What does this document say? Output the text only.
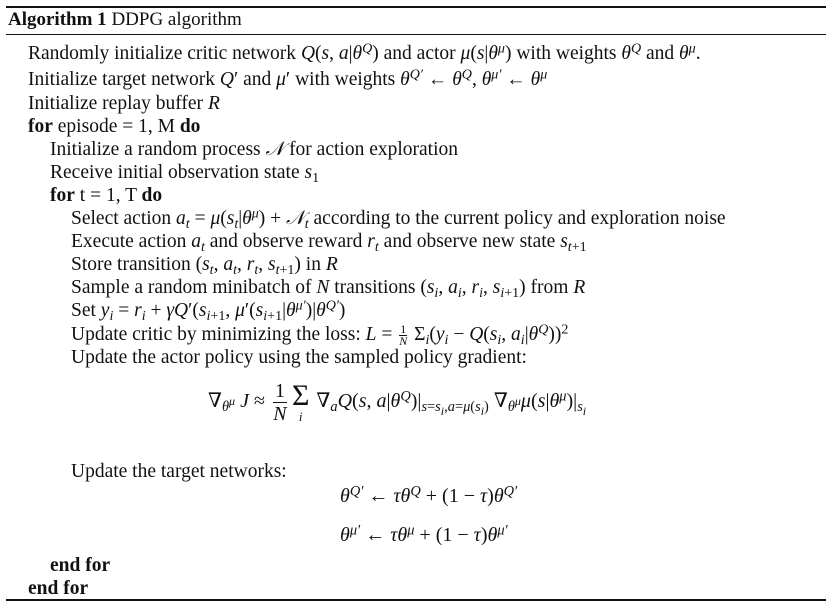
Algorithm 1 DDPG algorithm
Randomly initialize critic network Q(s, $a|\theta^Q$) and actor $\mu(s|\theta^\mu)$ with weights $\theta^Q$ and $\theta^\mu$.
Initialize target network Q′ and μ′ with weights $\theta^{Q'}$ ← $\theta^Q$, $\theta^{\mu'}$ ← $\theta^\mu$
Initialize replay buffer R
for episode = 1, M do
Initialize a random process 𝒩 for action exploration
Receive initial observation state $s_1$
for t = 1, T do
Select action $a_t = \mu(s_t|\theta^\mu)$ + 𝒩$_t$ according to the current policy and exploration noise
Execute action $a_t$ and observe reward $r_t$ and observe new state $s_{t+1}$
Store transition ($s_t$, $a_t$, $r_t$, $s_{t+1}$) in R
Sample a random minibatch of N transitions ($s_i$, $a_i$, $r_i$, $s_{i+1}$) from R
Set $y_i = r_i + \gamma Q'(s_{i+1}$, $\mu'(s_{i+1}|\theta^{\mu'})|\theta^{Q'}$)
Update critic by minimizing the loss: $L = \frac{1}{N} \Sigma_i(y_i - Q(s_i$, $a_i|\theta^Q))^2$
Update the actor policy using the sampled policy gradient:
$\nabla_{\theta^\mu}$ $J \approx \frac{1}{N}$ Σ
i
$\nabla_aQ(s$, $a|\theta^Q)|_{s=s_i,a=\mu(s_i)}$ $\nabla_{\theta^\mu}\mu(s|\theta^\mu)|_{s_i}$
Update the target networks:
$\theta^{Q'}$ ← $\tau\theta^Q + (1 - \tau)\theta^{Q'}$
$\theta^{\mu'}$ ← $\tau\theta^\mu + (1 - \tau)\theta^{\mu'}$
end for
end for
